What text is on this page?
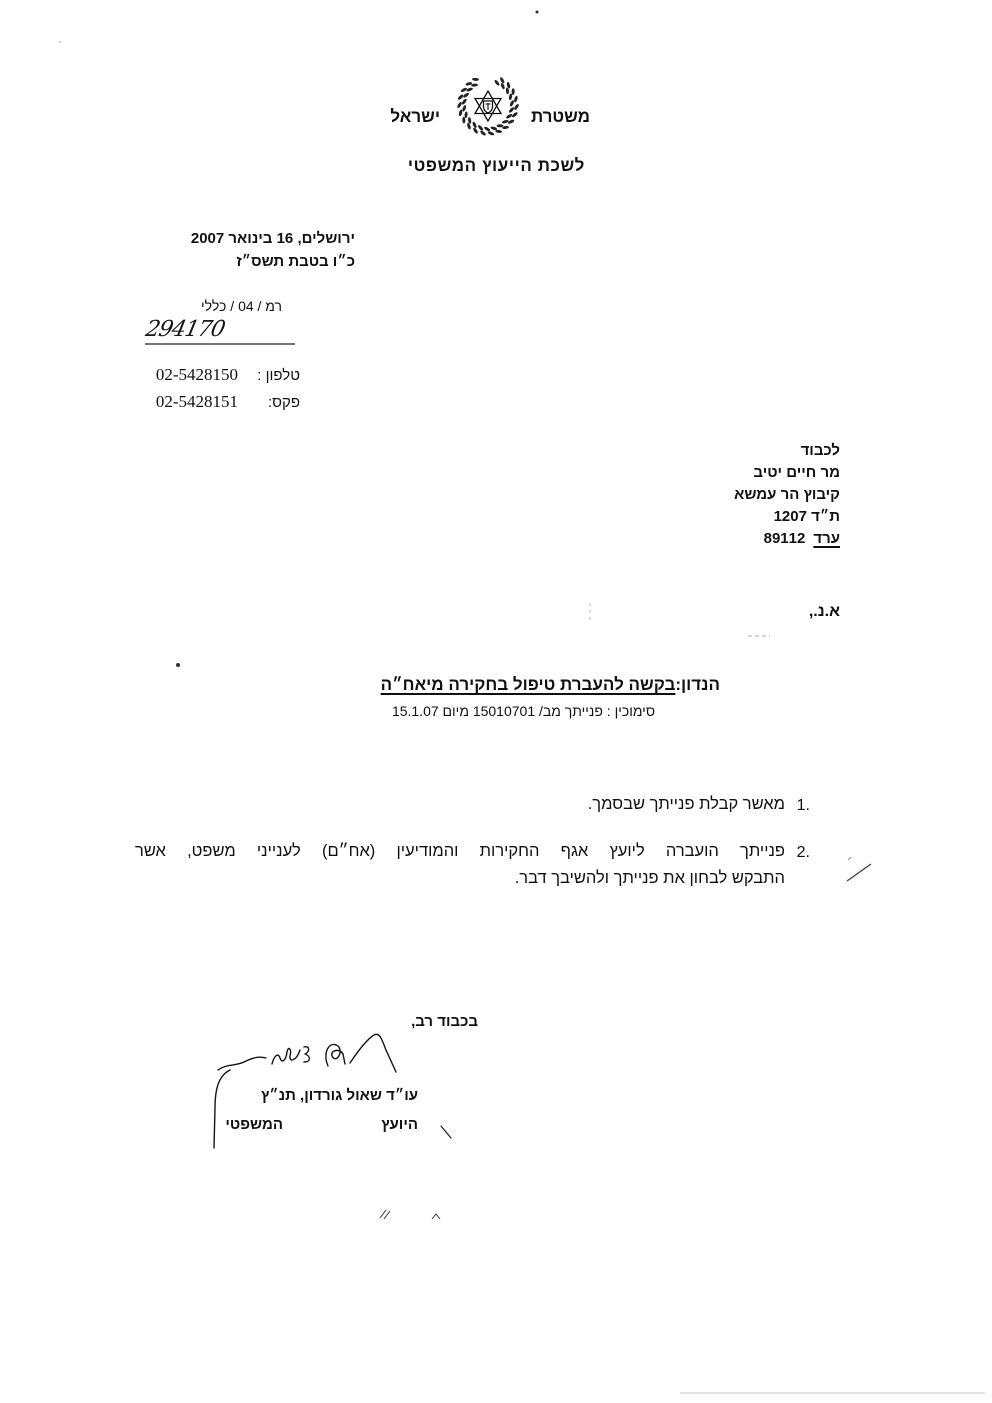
משטרת
ישראל
לשכת הייעוץ המשפטי
ירושלים, 16 בינואר 2007
כ״ו בטבת תשס״ז
רמ / 04 / כללי
294170
טלפון :
02-5428150
פקס:
02-5428151
לכבוד
מר חיים יטיב
קיבוץ הר עמשא
ת״ד 1207
ערד89112
א.נ.,
הנדון:בקשה להעברת טיפול בחקירה מיאח״ה
סימוכין : פנייתך מב/ 15010701 מיום 15.1.07
1.
מאשר קבלת פנייתך שבסמך.
2.
פנייתך הועברה ליועץ אגף החקירות והמודיעין (אח״ם) לענייני משפט, אשר
התבקש לבחון את פנייתך ולהשיבך דבר.
בכבוד רב,
עו״ד שאול גורדון, תנ״ץ
היועץ
המשפטי
